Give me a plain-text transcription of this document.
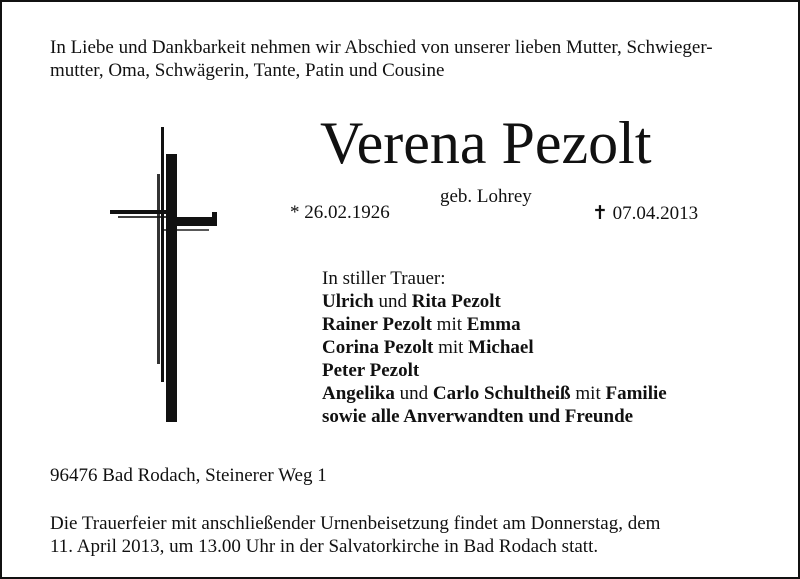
In Liebe und Dankbarkeit nehmen wir Abschied von unserer lieben Mutter, Schwieger-
mutter, Oma, Schwägerin, Tante, Patin und Cousine

Verena Pezolt
geb. Lohrey
* 26.02.1926	✝ 07.04.2013
In stiller Trauer:
Ulrich und Rita Pezolt
Rainer Pezolt mit Emma
Corina Pezolt mit Michael
Peter Pezolt
Angelika und Carlo Schultheiß mit Familie
sowie alle Anverwandten und Freunde
96476 Bad Rodach, Steinerer Weg 1
Die Trauerfeier mit anschließender Urnenbeisetzung findet am Donnerstag, dem
11. April 2013, um 13.00 Uhr in der Salvatorkirche in Bad Rodach statt.
